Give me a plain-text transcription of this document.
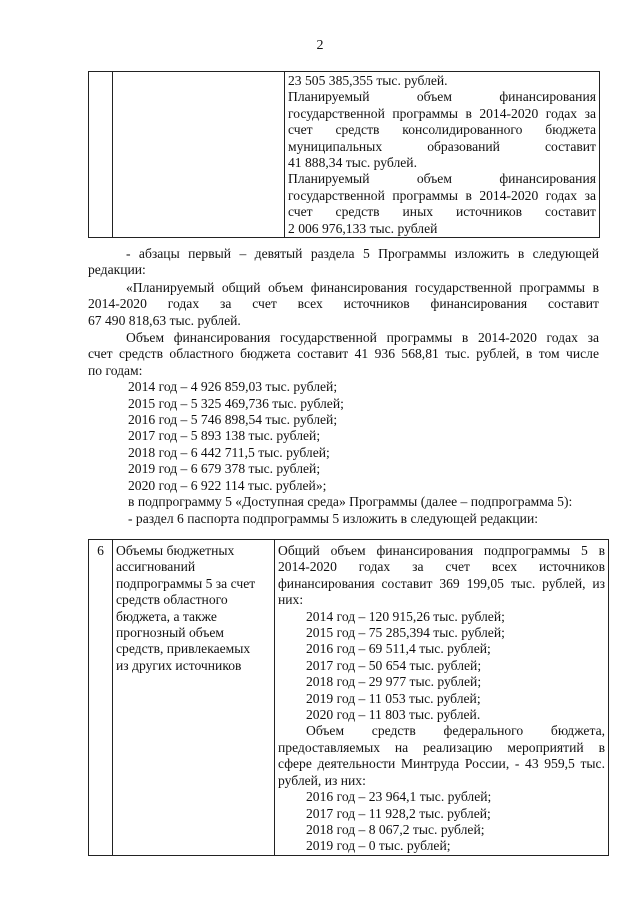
2

23 505 385,355 тыс. рублей.
Планируемый объем финансирования
государственной программы в 2014-2020 годах за
счет средств консолидированного бюджета
муниципальных образований составит
41 888,34 тыс. рублей.
Планируемый объем финансирования
государственной программы в 2014-2020 годах за
счет средств иных источников составит
2 006 976,133 тыс. рублей
- абзацы первый – девятый раздела 5 Программы изложить в следующей
редакции:
«Планируемый общий объем финансирования государственной программы в
2014-2020 годах за счет всех источников финансирования составит
67 490 818,63 тыс. рублей.
Объем финансирования государственной программы в 2014-2020 годах за
счет средств областного бюджета составит 41 936 568,81 тыс. рублей, в том числе
по годам:
2014 год – 4 926 859,03 тыс. рублей;
2015 год – 5 325 469,736 тыс. рублей;
2016 год – 5 746 898,54 тыс. рублей;
2017 год – 5 893 138 тыс. рублей;
2018 год – 6 442 711,5 тыс. рублей;
2019 год – 6 679 378 тыс. рублей;
2020 год – 6 922 114 тыс. рублей»;
в подпрограмму 5 «Доступная среда» Программы (далее – подпрограмма 5):
- раздел 6 паспорта подпрограммы 5 изложить в следующей редакции:
6	Объемы бюджетных
ассигнований
подпрограммы 5 за счет
средств областного
бюджета, а также
прогнозный объем
средств, привлекаемых
из других источников

Общий объем финансирования подпрограммы 5 в
2014-2020 годах за счет всех источников
финансирования составит 369 199,05 тыс. рублей, из
них:
2014 год – 120 915,26 тыс. рублей;
2015 год – 75 285,394 тыс. рублей;
2016 год – 69 511,4 тыс. рублей;
2017 год – 50 654 тыс. рублей;
2018 год – 29 977 тыс. рублей;
2019 год – 11 053 тыс. рублей;
2020 год – 11 803 тыс. рублей.
Объем средств федерального бюджета,
предоставляемых на реализацию мероприятий в
сфере деятельности Минтруда России, - 43 959,5 тыс.
рублей, из них:
2016 год – 23 964,1 тыс. рублей;
2017 год – 11 928,2 тыс. рублей;
2018 год – 8 067,2 тыс. рублей;
2019 год – 0 тыс. рублей;
